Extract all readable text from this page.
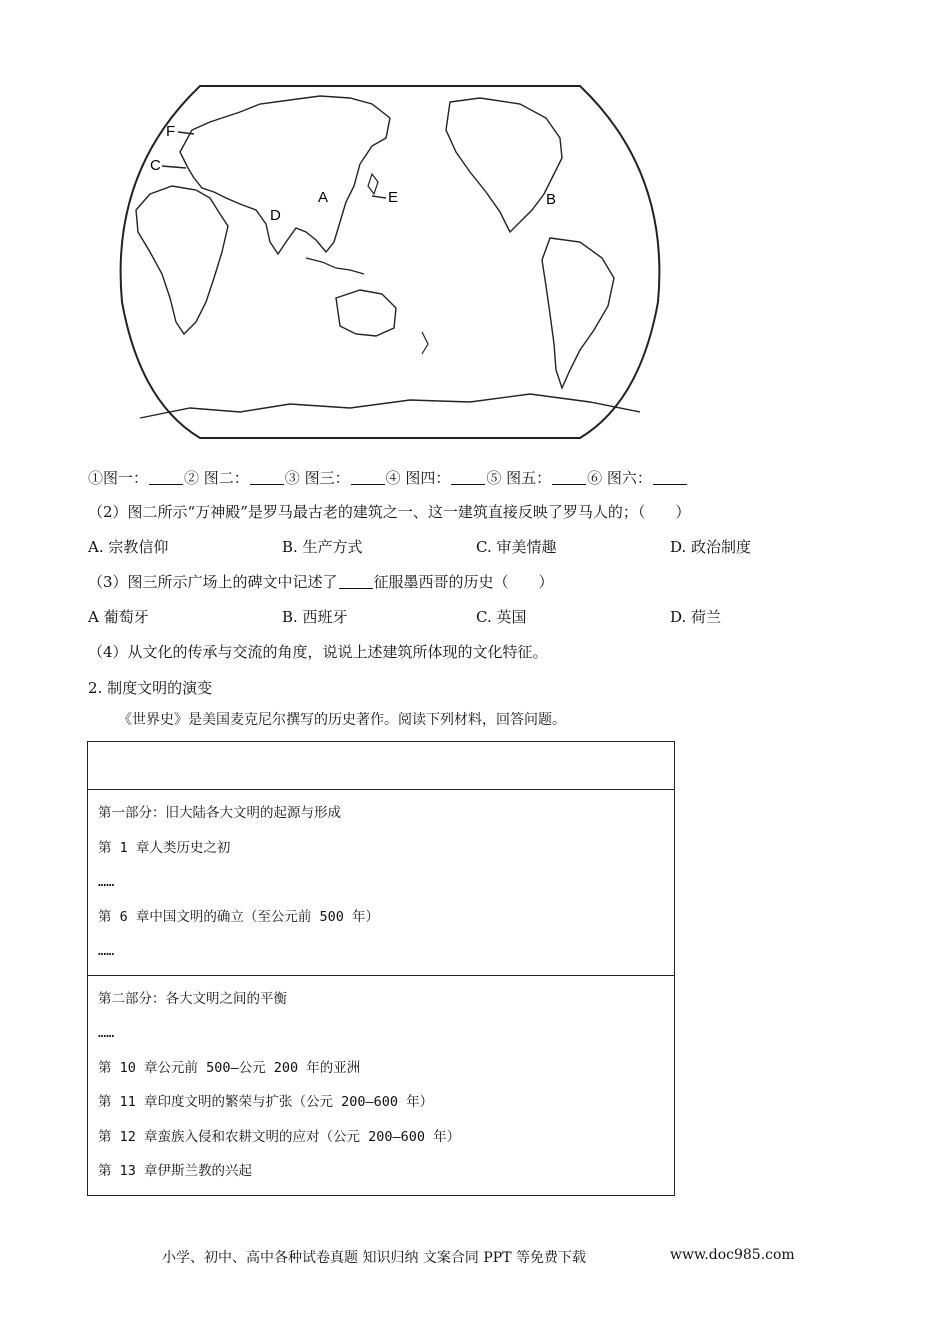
F
C
D
A	E	B
①图一： ② 图二： ③ 图三： ④ 图四： ⑤ 图五： ⑥ 图六：
（2）图二所示“万神殿”是罗马最古老的建筑之一、这一建筑直接反映了罗马人的；（　　）
A. 宗教信仰	B. 生产方式	C. 审美情趣	D. 政治制度
（3）图三所示广场上的碑文中记述了 征服墨西哥的历史（　　）
A 葡萄牙	B. 西班牙	C. 英国	D. 荷兰
（4）从文化的传承与交流的角度，说说上述建筑所体现的文化特征。
2. 制度文明的演变
《世界史》是美国麦克尼尔撰写的历史著作。阅读下列材料，回答问题。

第一部分：旧大陆各大文明的起源与形成
第 1 章人类历史之初
……
第 6 章中国文明的确立（至公元前 500 年）
……

第二部分：各大文明之间的平衡
……
第 10 章公元前 500–公元 200 年的亚洲
第 11 章印度文明的繁荣与扩张（公元 200–600 年）
第 12 章蛮族入侵和农耕文明的应对（公元 200–600 年）
第 13 章伊斯兰教的兴起
小学、初中、高中各种试卷真题 知识归纳 文案合同 PPT 等免费下载	www.doc985.com
